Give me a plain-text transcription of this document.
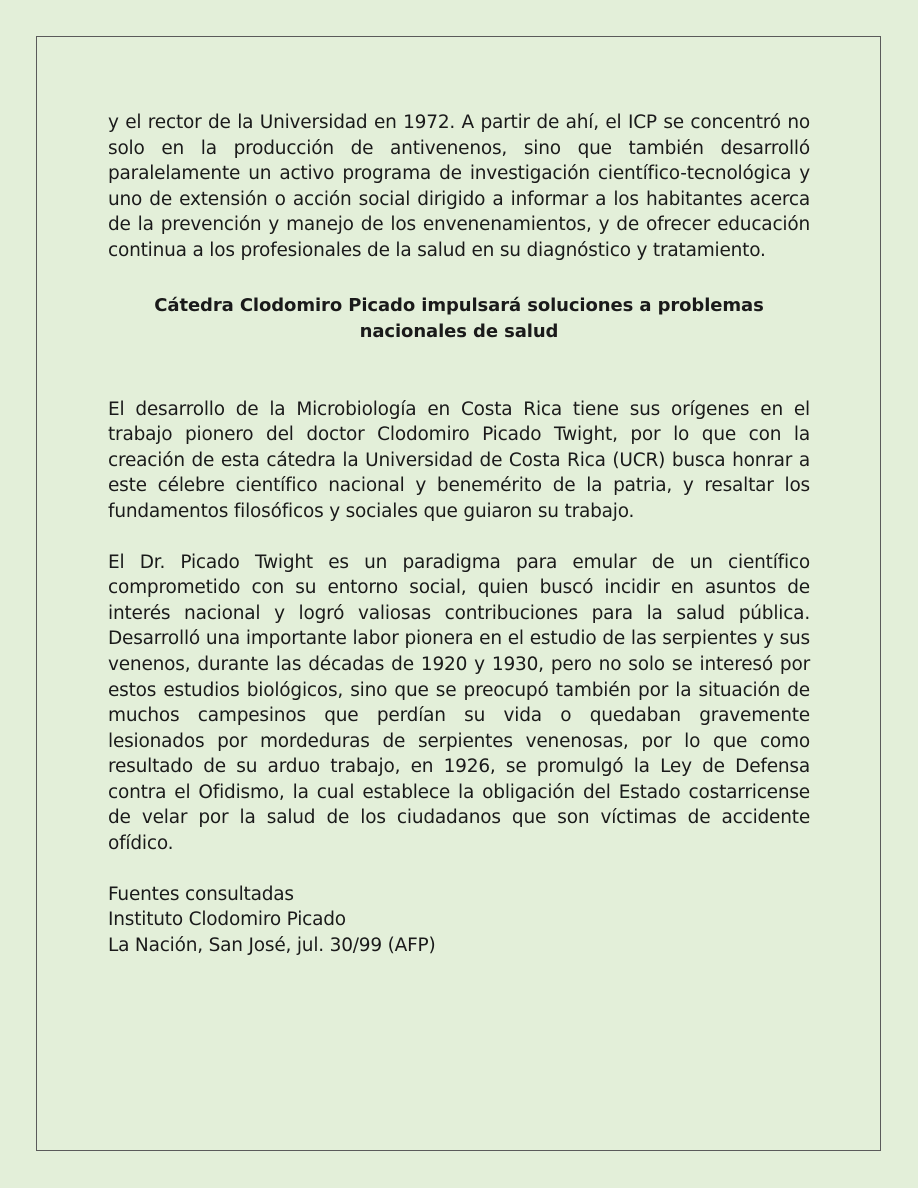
y el rector de la Universidad en 1972. A partir de ahí, el ICP se concentró no solo en la producción de antivenenos, sino que también desarrolló paralelamente un activo programa de investigación científico-tecnológica y uno de extensión o acción social dirigido a informar a los habitantes acerca de la prevención y manejo de los envenenamientos, y de ofrecer educación continua a los profesionales de la salud en su diagnóstico y tratamiento.

Cátedra Clodomiro Picado impulsará soluciones a problemas
nacionales de salud

El desarrollo de la Microbiología en Costa Rica tiene sus orígenes en el trabajo pionero del doctor Clodomiro Picado Twight, por lo que con la creación de esta cátedra la Universidad de Costa Rica (UCR) busca honrar a este célebre científico nacional y benemérito de la patria, y resaltar los fundamentos filosóficos y sociales que guiaron su trabajo.

El Dr. Picado Twight es un paradigma para emular de un científico comprometido con su entorno social, quien buscó incidir en asuntos de interés nacional y logró valiosas contribuciones para la salud pública. Desarrolló una importante labor pionera en el estudio de las serpientes y sus venenos, durante las décadas de 1920 y 1930, pero no solo se interesó por estos estudios biológicos, sino que se preocupó también por la situación de muchos campesinos que perdían su vida o quedaban gravemente lesionados por mordeduras de serpientes venenosas, por lo que como resultado de su arduo trabajo, en 1926, se promulgó la Ley de Defensa contra el Ofidismo, la cual establece la obligación del Estado costarricense de velar por la salud de los ciudadanos que son víctimas de accidente ofídico.

Fuentes consultadas
Instituto Clodomiro Picado
La Nación, San José, jul. 30/99 (AFP)
